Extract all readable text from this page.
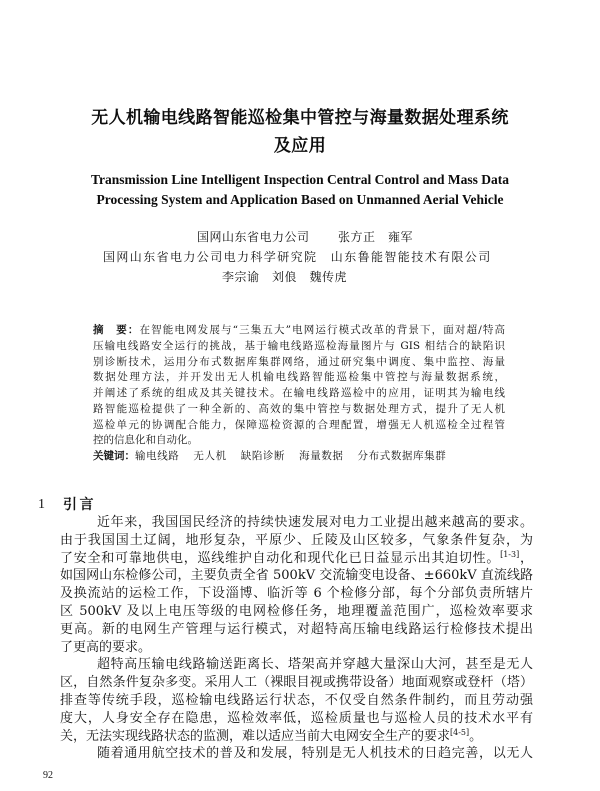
无人机输电线路智能巡检集中管控与海量数据处理系统
及应用
Transmission Line Intelligent Inspection Central Control and Mass Data
Processing System and Application Based on Unmanned Aerial Vehicle
国网山东省电力公司 张方正　雍军
国网山东省电力公司电力科学研究院　山东鲁能智能技术有限公司
李宗谕　刘俍　魏传虎
摘　要：在智能电网发展与“三集五大”电网运行模式改革的背景下，面对超/特高
压输电线路安全运行的挑战，基于输电线路巡检海量图片与 GIS 相结合的缺陷识
别诊断技术，运用分布式数据库集群网络，通过研究集中调度、集中监控、海量
数据处理方法，并开发出无人机输电线路智能巡检集中管控与海量数据系统，
并阐述了系统的组成及其关键技术。在输电线路巡检中的应用，证明其为输电线
路智能巡检提供了一种全新的、高效的集中管控与数据处理方式，提升了无人机
巡检单元的协调配合能力，保障巡检资源的合理配置，增强无人机巡检全过程管
控的信息化和自动化。
关键词：输电线路 无人机 缺陷诊断 海量数据 分布式数据库集群
1 引言
近年来，我国国民经济的持续快速发展对电力工业提出越来越高的要求。
由于我国国土辽阔，地形复杂，平原少、丘陵及山区较多，气象条件复杂，为
了安全和可靠地供电，巡线维护自动化和现代化已日益显示出其迫切性。[1-3]，
如国网山东检修公司，主要负责全省 500kV 交流输变电设备、±660kV 直流线路
及换流站的运检工作，下设淄博、临沂等 6 个检修分部，每个分部负责所辖片
区 500kV 及以上电压等级的电网检修任务，地理覆盖范围广，巡检效率要求
更高。新的电网生产管理与运行模式，对超特高压输电线路运行检修技术提出
了更高的要求。
超特高压输电线路输送距离长、塔架高并穿越大量深山大河，甚至是无人
区，自然条件复杂多变。采用人工（裸眼目视或携带设备）地面观察或登杆（塔）
排查等传统手段，巡检输电线路运行状态，不仅受自然条件制约，而且劳动强
度大，人身安全存在隐患，巡检效率低，巡检质量也与巡检人员的技术水平有
关，无法实现线路状态的监测，难以适应当前大电网安全生产的要求[4-5]。
随着通用航空技术的普及和发展，特别是无人机技术的日趋完善，以无人
92
